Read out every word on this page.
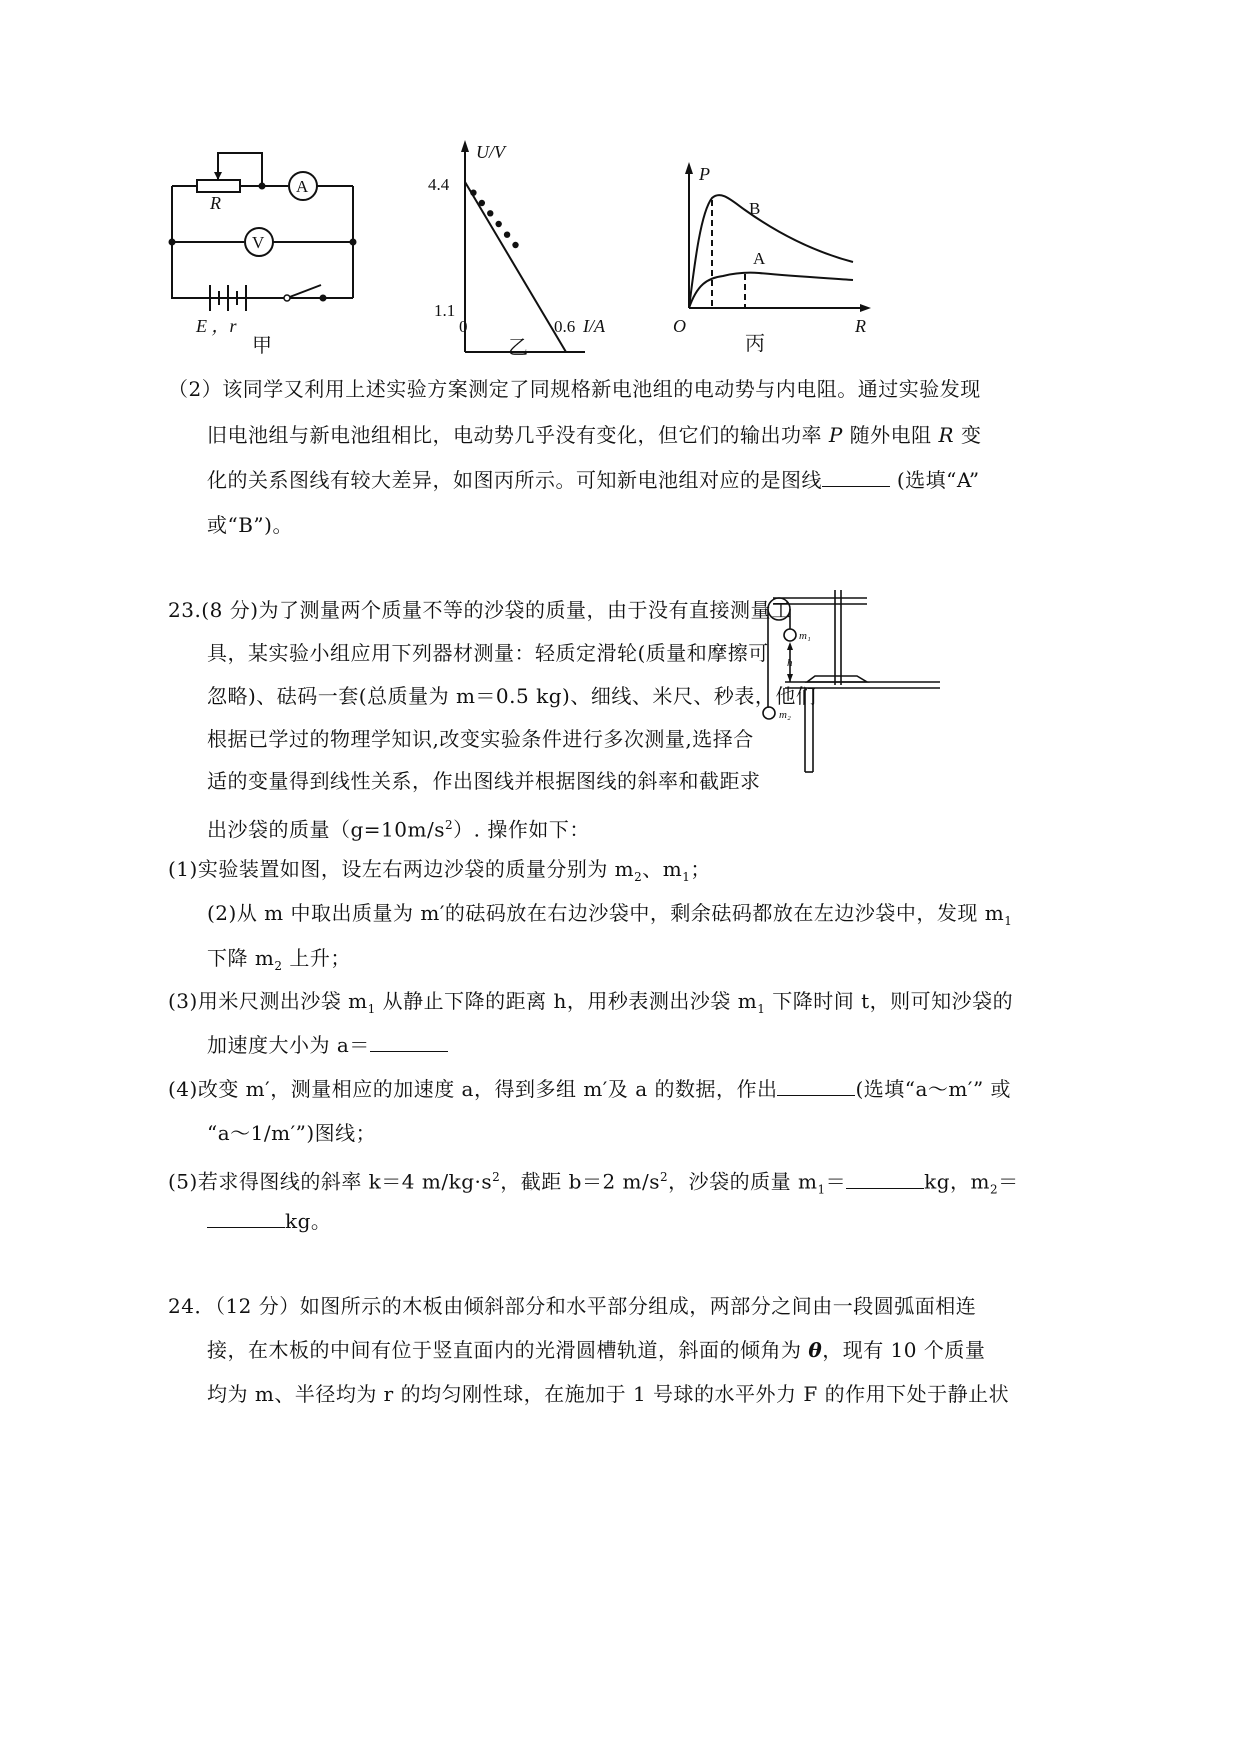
R
A
V
E ，r
甲
U/V
4.4
1.1
0	0.6 I/A
乙
P
B
A
O	R
丙
（2）该同学又利用上述实验方案测定了同规格新电池组的电动势与内电阻。通过实验发现
旧电池组与新电池组相比，电动势几乎没有变化，但它们的输出功率 P 随外电阻 R 变
化的关系图线有较大差异，如图丙所示。可知新电池组对应的是图线	(选填“A”
或“B”)。
m₁
h
m₂
23.(8 分)为了测量两个质量不等的沙袋的质量，由于没有直接测量工
具，某实验小组应用下列器材测量：轻质定滑轮(质量和摩擦可
忽略)、砝码一套(总质量为 m＝0.5 kg)、细线、米尺、秒表，他们
根据已学过的物理学知识,改变实验条件进行多次测量,选择合
适的变量得到线性关系，作出图线并根据图线的斜率和截距求
出沙袋的质量$(g=10m/s^2)$. 操作如下：
(1)实验装置如图，设左右两边沙袋的质量分别为 $m_2$、$m_1$；
(2)从 m 中取出质量为 m′的砝码放在右边沙袋中，剩余砝码都放在左边沙袋中，发现 $m_1$
下降 $m_2$ 上升；
(3)用米尺测出沙袋 $m_1$ 从静止下降的距离 h，用秒表测出沙袋 $m_1$ 下降时间 t，则可知沙袋的
加速度大小为 a＝
(4)改变 m′，测量相应的加速度 a，得到多组 m′及 a 的数据，作出	(选填“a～m′” 或
“a～1/m′”)图线；
(5)若求得图线的斜率 k＝4 $m/kg\cdot s^2$，截距 b＝2 $m/s^2$，沙袋的质量 $m_1=$	kg，$m_2=$
kg。
24．（12 分）如图所示的木板由倾斜部分和水平部分组成，两部分之间由一段圆弧面相连
接，在木板的中间有位于竖直面内的光滑圆槽轨道，斜面的倾角为 θ，现有 10 个质量
均为 m、半径均为 r 的均匀刚性球，在施加于 1 号球的水平外力 F 的作用下处于静止状
